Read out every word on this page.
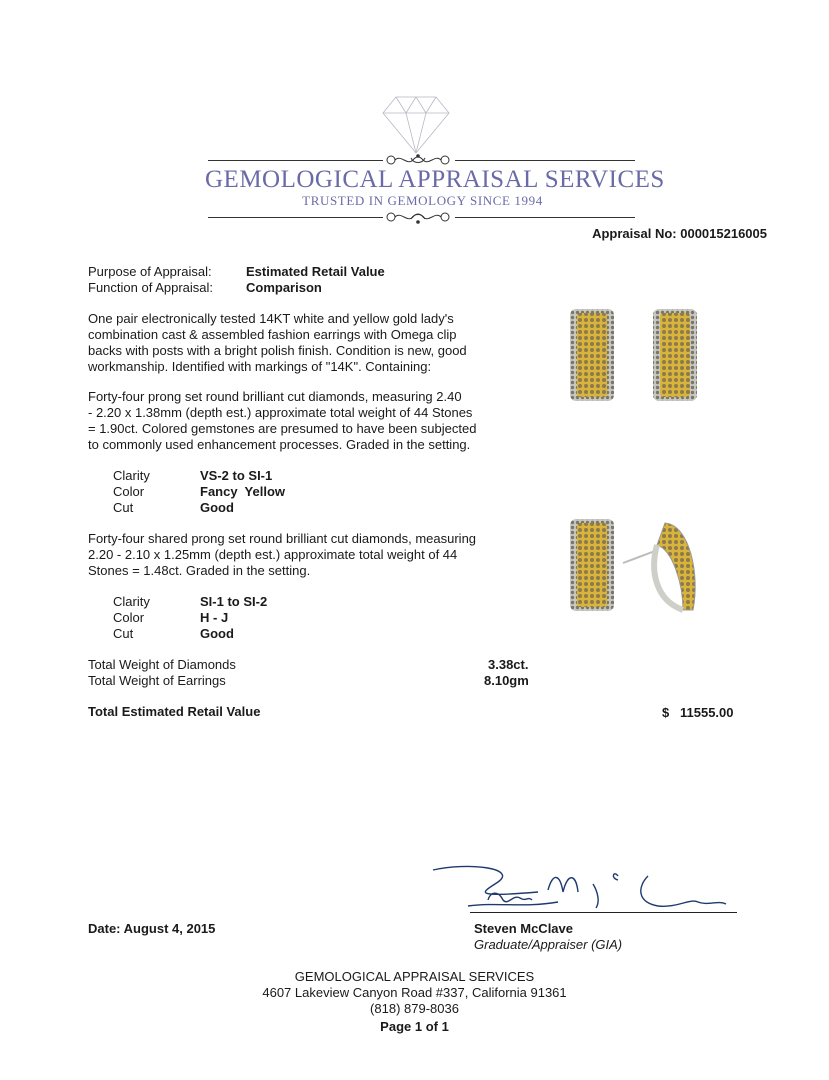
GEMOLOGICAL APPRAISAL SERVICES
TRUSTED IN GEMOLOGY SINCE 1994
Appraisal No: 000015216005
Purpose of Appraisal:	Estimated Retail Value
Function of Appraisal:	Comparison
One pair electronically tested 14KT white and yellow gold lady's
combination cast & assembled fashion earrings with Omega clip
backs with posts with a bright polish finish. Condition is new, good
workmanship. Identified with markings of "14K". Containing:
Forty-four prong set round brilliant cut diamonds, measuring 2.40
- 2.20 x 1.38mm (depth est.) approximate total weight of 44 Stones
= 1.90ct. Colored gemstones are presumed to have been subjected
to commonly used enhancement processes. Graded in the setting.
Clarity	VS-2 to SI-1
Color	Fancy  Yellow
Cut	Good
Forty-four shared prong set round brilliant cut diamonds, measuring
2.20 - 2.10 x 1.25mm (depth est.) approximate total weight of 44
Stones = 1.48ct. Graded in the setting.
Clarity	SI-1 to SI-2
Color	H - J
Cut	Good
Total Weight of Diamonds	3.38ct.
Total Weight of Earrings	8.10gm
Total Estimated Retail Value	$ 11555.00
Steven McClave
Graduate/Appraiser (GIA)
Date: August 4, 2015
GEMOLOGICAL APPRAISAL SERVICES
4607 Lakeview Canyon Road #337, California 91361
(818) 879-8036
Page 1 of 1
